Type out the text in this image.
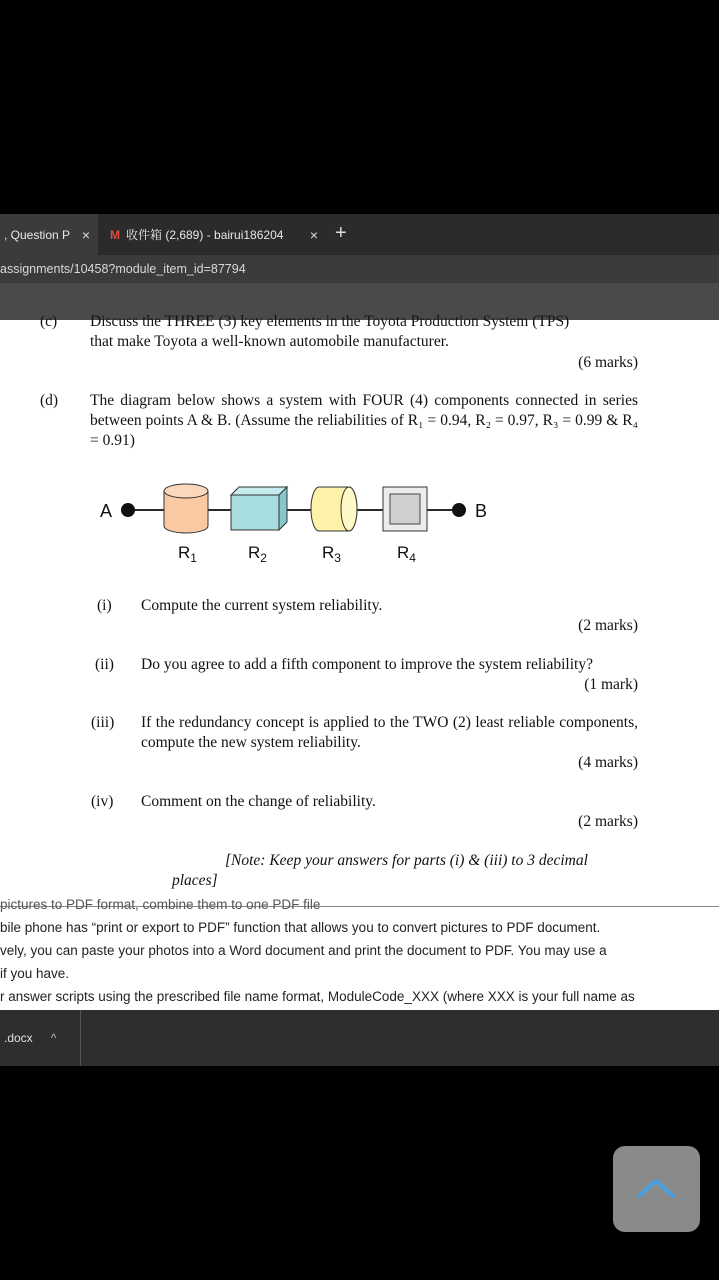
, Question P × M 收件箱 (2,689) - bairui186204 × +
assignments/10458?module_item_id=87794
(c) Discuss the THREE (3) key elements in the Toyota Production System (TPS)
that make Toyota a well-known automobile manufacturer.
(6 marks)
(d) The diagram below shows a system with FOUR (4) components connected in series between points A & B. (Assume the reliabilities of R₁ = 0.94, R₂ = 0.97, R₃ = 0.99 & R₄ = 0.91)
A	B
$R_1$	$R_2$	$R_3$	$R_4$
(i) Compute the current system reliability.
(2 marks)
(ii) Do you agree to add a fifth component to improve the system reliability?
(1 mark)
(iii) If the redundancy concept is applied to the TWO (2) least reliable components, compute the new system reliability.
(4 marks)
(iv) Comment on the change of reliability.
(2 marks)
[Note: Keep your answers for parts (i) & (iii) to 3 decimal
places]
pictures to PDF format, combine them to one PDF file
bile phone has “print or export to PDF” function that allows you to convert pictures to PDF document.
vely, you can paste your photos into a Word document and print the document to PDF. You may use a
if you have.
r answer scripts using the prescribed file name format, ModuleCode_XXX (where XXX is your full name as
.docx ^
